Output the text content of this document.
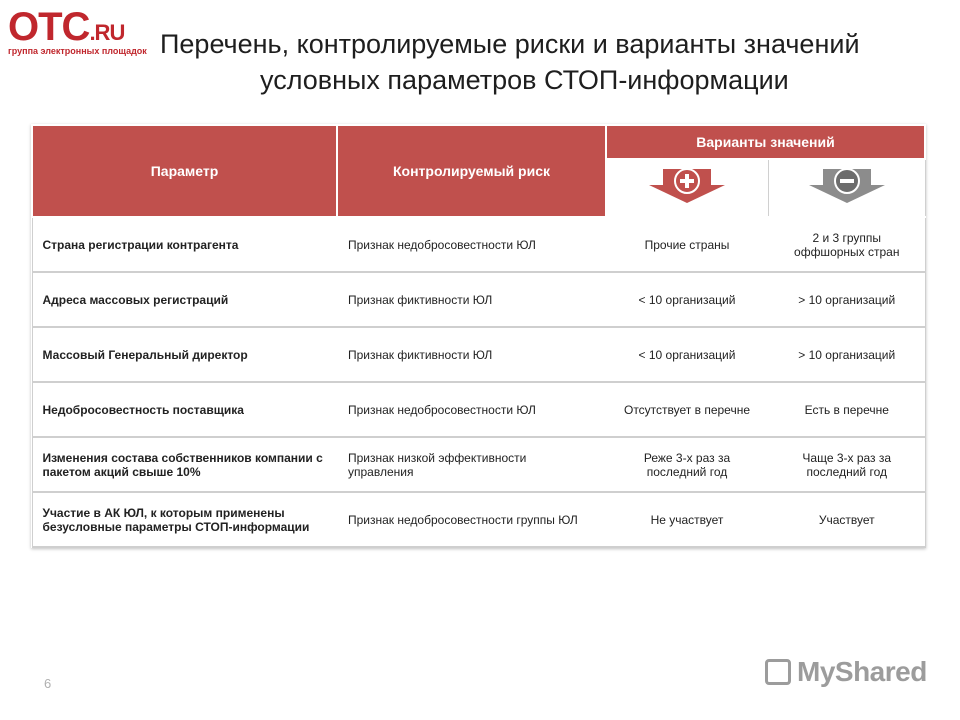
$OTC^{.RU}$
группа электронных площадок Перечень, контролируемые риски и варианты значений
условных параметров СТОП-информации
Параметр	Контролируемый риск	Варианты значений	

Страна регистрации контрагента	Признак недобросовестности ЮЛ	Прочие страны	2 и 3 группы оффшорных стран
Адреса массовых регистраций	Признак фиктивности ЮЛ	< 10 организаций	> 10 организаций
Массовый Генеральный директор	Признак фиктивности ЮЛ	< 10 организаций	> 10 организаций
Недобросовестность поставщика	Признак недобросовестности ЮЛ	Отсутствует в перечне	Есть в перечне
Изменения состава собственников компании с пакетом акций свыше 10%	Признак низкой эффективности управления	Реже 3-х раз за последний год	Чаще 3-х раз за последний год
Участие в АК ЮЛ, к которым применены безусловные параметры СТОП-информации	Признак недобросовестности группы ЮЛ	Не участвует	Участвует
6	MyShared
